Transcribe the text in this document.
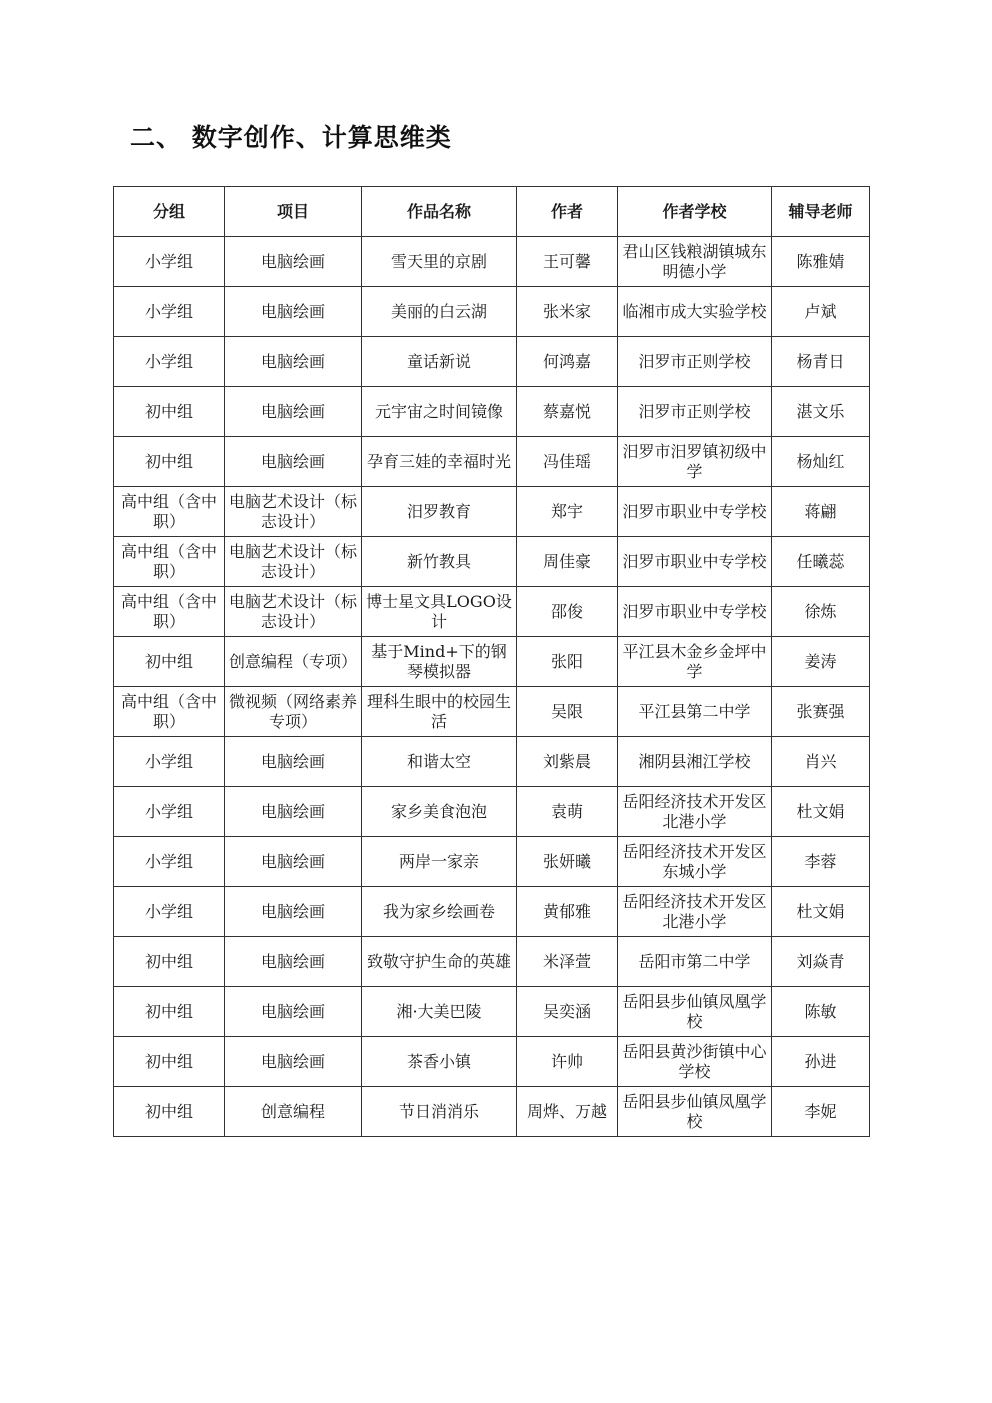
二、 数字创作、计算思维类
分组	项目	作品名称	作者	作者学校	辅导老师
小学组	电脑绘画	雪天里的京剧	王可馨	君山区钱粮湖镇城东明德小学	陈雅婧
小学组	电脑绘画	美丽的白云湖	张米家	临湘市成大实验学校	卢斌
小学组	电脑绘画	童话新说	何鸿嘉	汨罗市正则学校	杨青日
初中组	电脑绘画	元宇宙之时间镜像	蔡嘉悦	汨罗市正则学校	湛文乐
初中组	电脑绘画	孕育三娃的幸福时光	冯佳瑶	汨罗市汨罗镇初级中学	杨灿红
高中组（含中职）	电脑艺术设计（标志设计）	汨罗教育	郑宇	汨罗市职业中专学校	蒋翩
高中组（含中职）	电脑艺术设计（标志设计）	新竹教具	周佳豪	汨罗市职业中专学校	任曦蕊
高中组（含中职）	电脑艺术设计（标志设计）	博士星文具LOGO设计	邵俊	汨罗市职业中专学校	徐炼
初中组	创意编程（专项）	基于Mind+下的钢琴模拟器	张阳	平江县木金乡金坪中学	姜涛
高中组（含中职）	微视频（网络素养专项）	理科生眼中的校园生活	吴限	平江县第二中学	张赛强
小学组	电脑绘画	和谐太空	刘紫晨	湘阴县湘江学校	肖兴
小学组	电脑绘画	家乡美食泡泡	袁萌	岳阳经济技术开发区北港小学	杜文娟
小学组	电脑绘画	两岸一家亲	张妍曦	岳阳经济技术开发区东城小学	李蓉
小学组	电脑绘画	我为家乡绘画卷	黄郁雅	岳阳经济技术开发区北港小学	杜文娟
初中组	电脑绘画	致敬守护生命的英雄	米泽萱	岳阳市第二中学	刘焱青
初中组	电脑绘画	湘·大美巴陵	吴奕涵	岳阳县步仙镇凤凰学校	陈敏
初中组	电脑绘画	茶香小镇	许帅	岳阳县黄沙街镇中心学校	孙进
初中组	创意编程	节日消消乐	周烨、万越	岳阳县步仙镇凤凰学校	李妮
